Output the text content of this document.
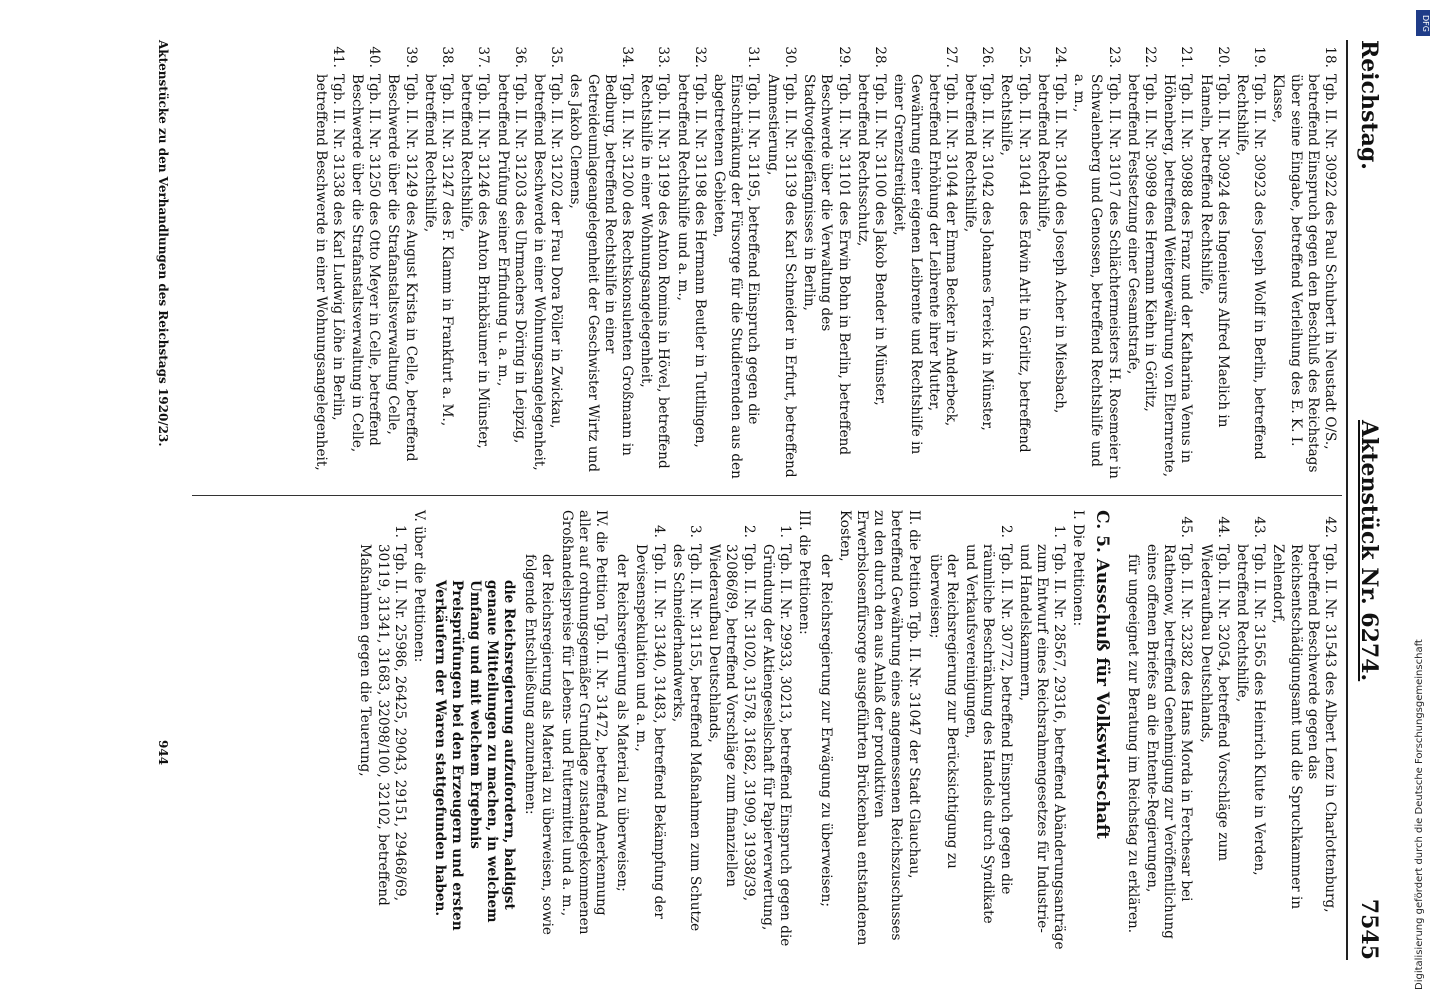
Reichstag.
Aktenstück Nr. 6274.
7545
18.
Tgb. II. Nr. 30922 des Paul Schubert in Neustadt O/S., betreffend Einspruch gegen den Beschluß des Reichstags über seine Eingabe, betreffend Verleihung des E. K. I. Klasse,
19.
Tgb. II. Nr. 30923 des Joseph Wolff in Berlin, betreffend Rechtshilfe,
20.
Tgb. II. Nr. 30924 des Ingenieurs Alfred Maelich in Hameln, betreffend Rechtshilfe,
21.
Tgb. II. Nr. 30988 des Franz und der Katharina Venus in Höhenberg, betreffend Weitergewährung von Elternrente,
22.
Tgb. II. Nr. 30989 des Hermann Kiehn in Görlitz, betreffend Festsetzung einer Gesamtstrafe,
23.
Tgb. II. Nr. 31017 des Schlächtermeisters H. Rosemeier in Schwalenberg und Genossen, betreffend Rechtshilfe und a. m.,
24.
Tgb. II. Nr. 31040 des Joseph Acher in Miesbach, betreffend Rechtshilfe,
25.
Tgb. II. Nr. 31041 des Edwin Arlt in Görlitz, betreffend Rechtshilfe,
26.
Tgb. II. Nr. 31042 des Johannes Tereick in Münster, betreffend Rechtshilfe,
27.
Tgb. II. Nr. 31044 der Emma Becker in Anderbeck, betreffend Erhöhung der Leibrente ihrer Mutter, Gewährung einer eigenen Leibrente und Rechtshilfe in einer Grenzstreitigkeit,
28.
Tgb. II. Nr. 31100 des Jakob Bender in Münster, betreffend Rechtsschutz,
29.
Tgb. II. Nr. 31101 des Erwin Bohn in Berlin, betreffend Beschwerde über die Verwaltung des Stadtvogteigefängnisses in Berlin,
30.
Tgb. II. Nr. 31139 des Karl Schneider in Erfurt, betreffend Amnestierung,
31.
Tgb. II. Nr. 31195, betreffend Einspruch gegen die Einschränkung der Fürsorge für die Studierenden aus den abgetretenen Gebieten,
32.
Tgb. II. Nr. 31198 des Hermann Beutler in Tuttlingen, betreffend Rechtshilfe und a. m.,
33.
Tgb. II. Nr. 31199 des Anton Romins in Hövel, betreffend Rechtshilfe in einer Wohnungsangelegenheit,
34.
Tgb. II. Nr. 31200 des Rechtskonsulenten Großmann in Bedburg, betreffend Rechtshilfe in einer Getreideumlageangelegenheit der Geschwister Wirtz und des Jakob Clemens,
35.
Tgb. II. Nr. 31202 der Frau Dora Pöller in Zwickau, betreffend Beschwerde in einer Wohnungsangelegenheit,
36.
Tgb. II. Nr. 31203 des Uhrmachers Döring in Leipzig, betreffend Prüfung seiner Erfindung u. a. m.,
37.
Tgb. II. Nr. 31246 des Anton Brinkbäumer in Münster, betreffend Rechtshilfe,
38.
Tgb. II. Nr. 31247 des F. Klamm in Frankfurt a. M., betreffend Rechtshilfe,
39.
Tgb. II. Nr. 31249 des August Krista in Celle, betreffend Beschwerde über die Strafanstaltsverwaltung Celle,
40.
Tgb. II. Nr. 31250 des Otto Meyer in Celle, betreffend Beschwerde über die Strafanstaltsverwaltung in Celle,
41.
Tgb. II. Nr. 31338 des Karl Ludwig Löhe in Berlin, betreffend Beschwerde in einer Wohnungsangelegenheit,
42.
Tgb. II. Nr. 31543 des Albert Lenz in Charlottenburg, betreffend Beschwerde gegen das Reichsentschädigungsamt und die Spruchkammer in Zehlendorf,
43.
Tgb. II. Nr. 31565 des Heinrich Klute in Verden, betreffend Rechtshilfe,
44.
Tgb. II. Nr. 32054, betreffend Vorschläge zum Wiederaufbau Deutschlands,
45.
Tgb. II. Nr. 32382 des Hans Morda in Ferchesar bei Rathenow, betreffend Genehmigung zur Veröffentlichung eines offenen Briefes an die Entente-Regierungen,
für ungeeignet zur Beratung im Reichstag zu erklären.
C. 5. Ausschuß für Volkswirtschaft
I. Die Petitionen:
1.
Tgb. II. Nr. 28567, 29316, betreffend Abänderungsanträge zum Entwurf eines Reichsrahmengesetzes für Industrie- und Handelskammern,
2.
Tgb. II. Nr. 30772, betreffend Einspruch gegen die räumliche Beschränkung des Handels durch Syndikate und Verkaufsvereinigungen,
der Reichsregierung zur Berücksichtigung zu überweisen;
II. die Petition Tgb. II. Nr. 31047 der Stadt Glauchau, betreffend Gewährung eines angemessenen Reichszuschusses zu den durch den aus Anlaß der produktiven Erwerbslosenfürsorge ausgeführten Brückenbau entstandenen Kosten,
der Reichsregierung zur Erwägung zu überweisen;
III. die Petitionen:
1.
Tgb. II. Nr. 29933, 30213, betreffend Einspruch gegen die Gründung der Aktiengesellschaft für Papierverwertung,
2.
Tgb. II. Nr. 31020, 31578, 31682, 31909, 31938/39, 32086/89, betreffend Vorschläge zum finanziellen Wiederaufbau Deutschlands,
3.
Tgb. II. Nr. 31155, betreffend Maßnahmen zum Schutze des Schneiderhandwerks,
4.
Tgb. II. Nr. 31340, 31483, betreffend Bekämpfung der Devisenspekulation und a. m.,
der Reichsregierung als Material zu überweisen;
IV. die Petition Tgb. II. Nr. 31472, betreffend Anerkennung aller auf ordnungsgemäßer Grundlage zustandegekommenen Großhandelspreise für Lebens- und Futtermittel und a. m.,
der Reichsregierung als Material zu überweisen, sowie folgende Entschließung anzunehmen:
die Reichsregierung aufzufordern, baldigst genaue Mitteilungen zu machen, in welchem Umfang und mit welchem Ergebnis Preisprüfungen bei den Erzeugern und ersten Verkäufern der Waren stattgefunden haben.
V. über die Petitionen:
1.
Tgb. II. Nr. 25986, 26425, 29043, 29151, 29468/69, 30119, 31341, 31683, 32098/100, 32102, betreffend Maßnahmen gegen die Teuerung,
Aktenstücke zu den Verhandlungen des Reichstags 1920/23.
944
DFG
Digitalisierung gefördert durch die Deutsche Forschungsgemeinschaft
